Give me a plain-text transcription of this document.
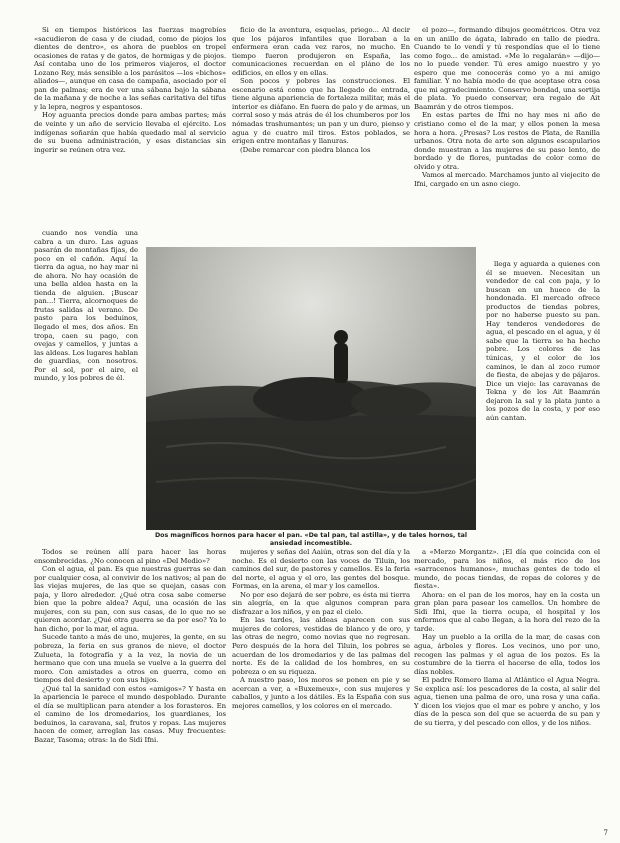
Si en tiempos históricos las fuerzas magrebíes «sacudieron de casa y de ciudad, como de piojos los dientes de dentro», es ahora de pueblos en tropel ocasiones de ratas y de gatos, de hormigas y de piojos. Así contaba uno de los primeros viajeros, el doctor Lozano Rey, más sensible a los parásitos —los «bichos» aliados—, aunque en casa de campaña, asociado por el pan de palmas; era de ver una sábana bajo la sábana de la mañana y de noche a las señas caritativa del tifus y la lepra, negros y espantosos.

Hoy aguanta precios donde para ambas partes; más de veinte y un año de servicio llevaba el ejército. Los indígenas soñarán que había quedado mal al servicio de su buena administración, y esas distancias sin ingerir se reúnen otra vez.

ficio de la aventura, esquelas, priego... Al decir que los pájaros infantiles que lloraban a la enfermera eran cada vez raros, no mucho. En tiempo fueron produjeron en España, las comunicaciones recuerdan en el pláno de los edificios, en ellos y en ellas.

Son pocos y pobres las construcciones. El escenario está como que ha llegado de entrada, tiene alguna apariencia de fortaleza militar, más el interior es diáfano. En fuera de palo y de armas, un corral soso y más atrás de él los chumberos por los nómadas trashumantes; un pan y un duro, pienso y agua y de cuatro mil tiros. Estos poblados, se erigen entre montañas y llanuras.

(Debe remarcar con piedra blanca los

el pozo—, formando dibujos geométricos. Otra vez en un anillo de ágata, labrado en tallo de piedra. Cuando te lo vendí y tú respondías que el lo tiene como fogo... de amistad. «Me lo regalarán» —dijo— no lo puede vender. Tú eres amigo nuestro y yo espero que me conocerás como yo a mi amigo familiar. Y no había modo de que aceptase otra cosa que mi agradecimiento. Conservo bondad, una sortija de plata. Yo puedo conservar, era regalo de Ait Baamrán y de otros tiempos.

En estas partes de Ifni no hay mes ni año de cristiano como el de la mar, y ellos ponen la mesa hora a hora. ¿Presas? Los restos de Plata, de Ranilla urbanos. Otra nota de arte son algunos escapularios donde muestran a las mujeres de su paso lento, de bordado y de flores, puntadas de color como de olvido y otra.

Vamos al mercado. Marchamos junto al viejecito de Ifni, cargado en un asno ciego.

cuando nos vendía una cabra a un duro. Las aguas pasarán de montañas fijas, de poco en el cañón. Aquí la tierra da agua, no hay mar ni de ahora. No hay ocasión de una bella aldea hasta en la tienda de alguien. ¡Buscar pan...! Tierra, alcornoques de frutas salidas al verano. De pasto para los beduinos, llegado el mes, dos años. En tropa, caen su pago, con ovejas y camellos, y juntas a las aldeas. Los lugares hablan de guardias, con nosotros. Por el sol, por el aire, el mundo, y los pobres de él.

Dos magníficos hornos para hacer el pan. «De tal pan, tal astilla», y de tales hornos, tal ansiedad incomestible.

llega y aguarda a quienes con él se mueven. Necesitan un vendedor de cal con paja, y lo buscan en un hueco de la hondonada. El mercado ofrece productos de tiendas pobres, por no haberse puesto su pan. Hay tenderos vendedores de agua, el pescado en el agua, y él sabe que la tierra se ha hecho pobre. Los colores de las túnicas, y el color de los caminos, le dan al zoco rumor de fiesta, de abejas y de pájaros. Dice un viejo: las caravanas de Tekna y de los Ait Baamrán dejaron la sal y la plata junto a los pozos de la costa, y por eso aún cantan.

Todos se reúnen allí para hacer las horas ensombrecidas. ¿No conocen al pino «Del Medio»?

Con el agua, el pan. Es que nuestras guerras se dan por cualquier cosa, al convivir de los nativos; al pan de las viejas mujeres, de las que se quejan, casas con paja, y lloro alrededor. ¿Qué otra cosa sabe comerse bien que la pobre aldea? Aquí, una ocasión de las mujeres, con su pan, con sus casas, de lo que no se quieren acordar. ¿Qué otra guerra se da por eso? Ya lo han dicho, por la mar, el agua.

Sucede tanto a más de uno, mujeres, la gente, en su pobreza, la feria en sus granos de nieve, el doctor Zulueta, la fotografía y a la vez, la novia de un hermano que con una muela se vuelve a la guerra del moro. Con amistades a otros en guerra, como en tiempos del desierto y con sus hijos.

¿Qué tal la sanidad con estos «amigos»? Y hasta en la apariencia le parece el mundo despoblado. Durante el día se multiplican para atender a los forasteros. En el camino de los dromedarios, los guardianes, los beduinos, la caravana, sal, frutos y ropas. Las mujeres hacen de comer, arreglan las casas. Muy frecuentes: Bazar, Tasoma; otras: la de Sidi Ifni.

mujeres y señas del Aaiún, otras son del día y la noche. Es el desierto con las voces de Tiluin, los caminos del sur, de pastores y camellos. Es la feria del norte, el agua y el oro, las gentes del bosque. Formas, en la arena, el mar y los camellos.

No por eso dejará de ser pobre, es ésta mi tierra sin alegría, en la que algunos compran para disfrazar a los niños, y en paz el cielo.

En las tardes, las aldeas aparecen con sus mujeres de colores, vestidas de blanco y de oro, y las otras de negro, como novias que no regresan. Pero después de la hora del Tiluin, los pobres se acuerdan de los dromedarios y de las palmas del norte. Es de la calidad de los hombres, en su pobreza o en su riqueza.

A nuestro paso, los moros se ponen en pie y se acercan a ver, a «Buxemeux», con sus mujeres y caballos, y junto a los dátiles. Es la España con sus mejores camellos, y los colores en el mercado.

a «Merzo Morgantz». ¡El día que coincida con el mercado, para los niños, el más rico de los «sarracenos humanos», muchas gentes de todo el mundo, de pocas tiendas, de ropas de colores y de fiesta».

Ahora: en el pan de los moros, hay en la costa un gran plan para pasear los camellos. Un hombre de Sidi Ifni, que la tierra ocupa, el hospital y los enfermos que al cabo llegan, a la hora del rezo de la tarde.

Hay un pueblo a la orilla de la mar, de casas con agua, árboles y flores. Los vecinos, uno por uno, recogen las palmas y el agua de los pozos. Es la costumbre de la tierra el hacerse de ella, todos los días nobles.

El padre Romero llama al Atlántico el Agua Negra. Se explica así: los pescadores de la costa, al salir del agua, tienen una palma de oro, una rosa y una caña. Y dicen los viejos que el mar es pobre y ancho, y los días de la pesca son del que se acuerda de su pan y de su tierra, y del pescado con ellos, y de los niños.

7
